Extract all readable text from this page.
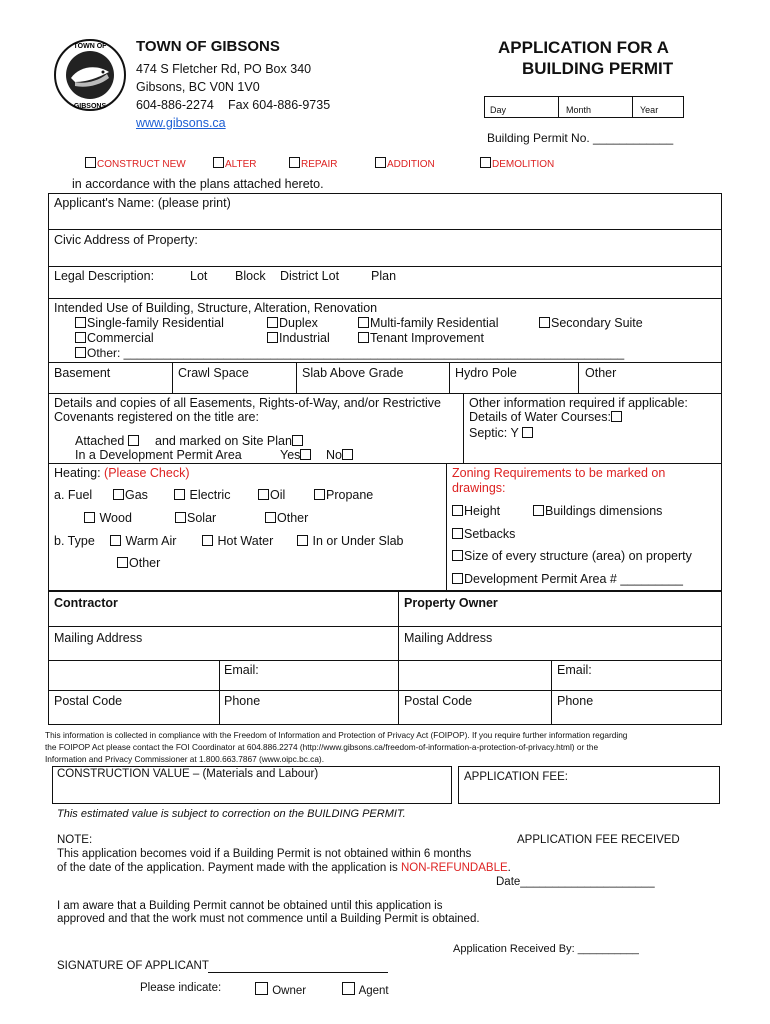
TOWN OF
GIBSONS
TOWN OF GIBSONS
474 S Fletcher Rd, PO Box 340
Gibsons, BC V0N 1V0
604-886-2274 Fax 604-886-9735
www.gibsons.ca
APPLICATION FOR A
BUILDING PERMIT
Day	Month	Year
Building Permit No. ____________
CONSTRUCT NEW	ALTER	REPAIR	ADDITION	DEMOLITION
in accordance with the plans attached hereto.
Applicant's Name: (please print)
Civic Address of Property:
Legal Description:	Lot Block District Lot	Plan
Intended Use of Building, Structure, Alteration, Renovation
Single-family Residential	Duplex	Multi-family Residential	Secondary Suite
Commercial	Industrial	Tenant Improvement
Other: ___________________________________________________________________________
Basement	Crawl Space	Slab Above Grade	Hydro Pole	Other
Details and copies of all Easements, Rights-of-Way, and/or Restrictive
Covenants registered on the title are:
Attached	and marked on Site Plan
In a Development Permit Area	Yes	No
Other information required if applicable:
Details of Water Courses:
Septic: Y
Heating: (Please Check)
a. Fuel	Gas	Electric	Oil	Propane
Wood	Solar	Other
b. Type	Warm Air	Hot Water	In or Under Slab
Other
Zoning Requirements to be marked on
drawings:
Height	Buildings dimensions
Setbacks
Size of every structure (area) on property
Development Permit Area # _________
Contractor	Property Owner
Mailing Address	Mailing Address
Email:	Email:
Postal Code	Phone	Postal Code	Phone
This information is collected in compliance with the Freedom of Information and Protection of Privacy Act (FOIPOP). If you require further information regarding
the FOIPOP Act please contact the FOI Coordinator at 604.886.2274 (http://www.gibsons.ca/freedom-of-information-a-protection-of-privacy.html) or the
Information and Privacy Commissioner at 1.800.663.7867 (www.oipc.bc.ca).
CONSTRUCTION VALUE – (Materials and Labour)	APPLICATION FEE:
This estimated value is subject to correction on the BUILDING PERMIT.
NOTE:	APPLICATION FEE RECEIVED
This application becomes void if a Building Permit is not obtained within 6 months
of the date of the application. Payment made with the application is NON-REFUNDABLE.
Date_____________________
I am aware that a Building Permit cannot be obtained until this application is
approved and that the work must not commence until a Building Permit is obtained.
Application Received By: __________
SIGNATURE OF APPLICANT
Please indicate:	Owner	Agent
